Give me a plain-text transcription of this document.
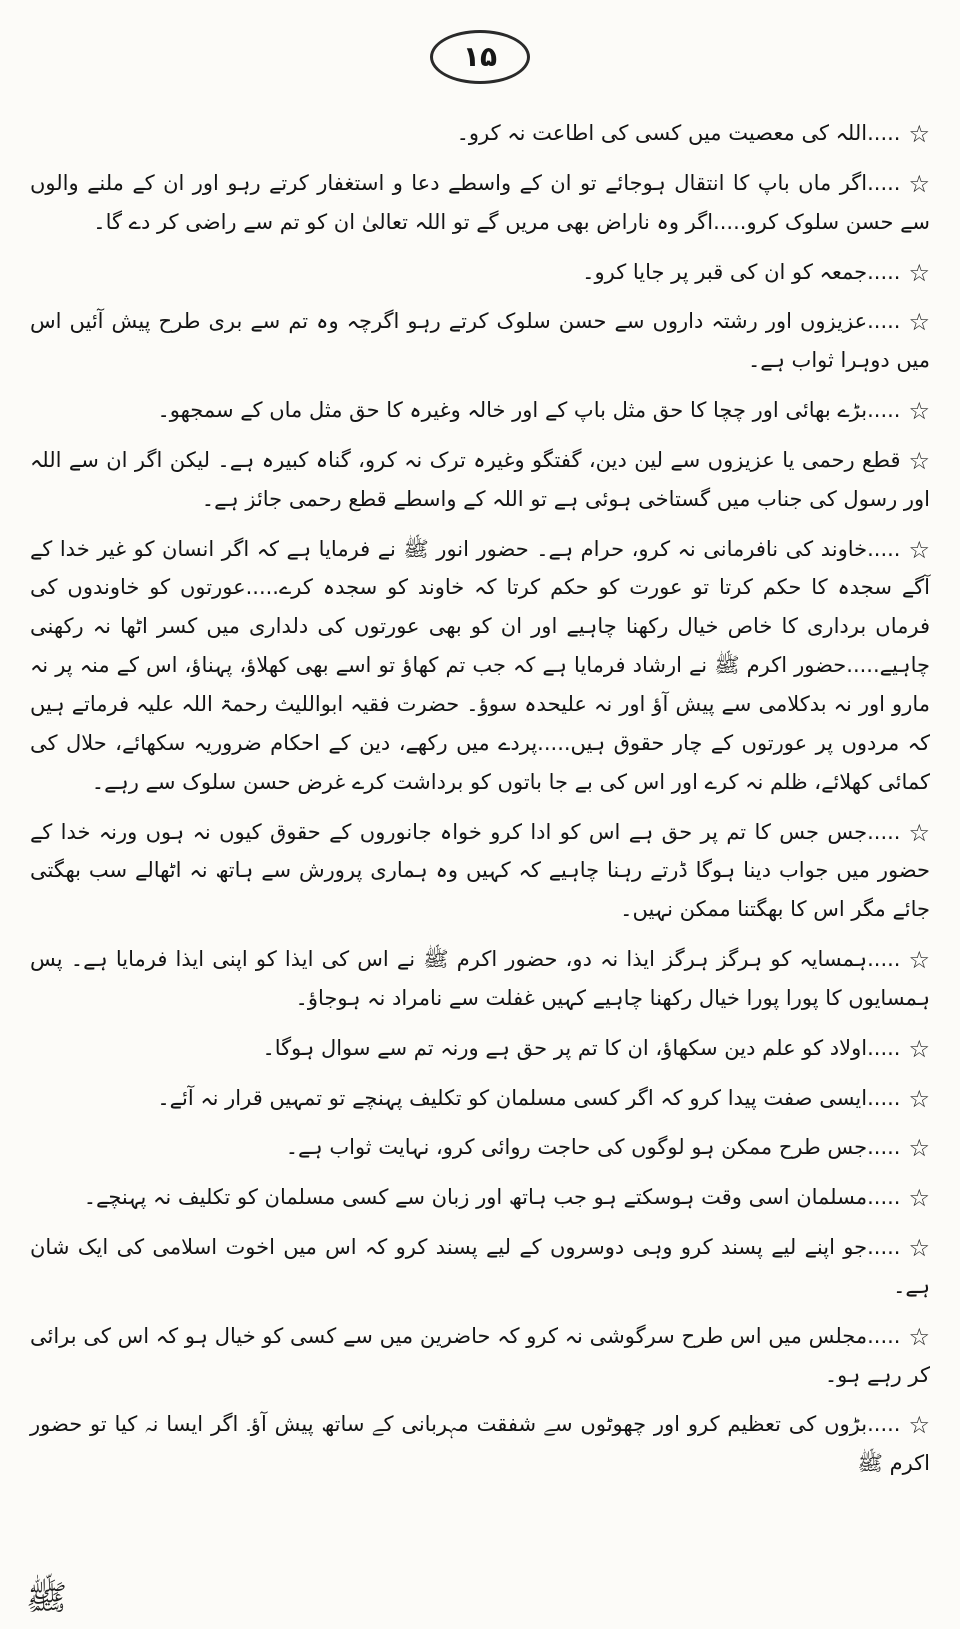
۱۵

☆.....اللہ کی معصیت میں کسی کی اطاعت نہ کرو۔

☆.....اگر ماں باپ کا انتقال ہوجائے تو ان کے واسطے دعا و استغفار کرتے رہو اور ان کے ملنے والوں سے حسن سلوک کرو.....اگر وہ ناراض بھی مریں گے تو اللہ تعالیٰ ان کو تم سے راضی کر دے گا۔

☆.....جمعہ کو ان کی قبر پر جایا کرو۔

☆.....عزیزوں اور رشتہ داروں سے حسن سلوک کرتے رہو اگرچہ وہ تم سے بری طرح پیش آئیں اس میں دوہرا ثواب ہے۔

☆.....بڑے بھائی اور چچا کا حق مثل باپ کے اور خالہ وغیرہ کا حق مثل ماں کے سمجھو۔

☆قطع رحمی یا عزیزوں سے لین دین، گفتگو وغیرہ ترک نہ کرو، گناہ کبیرہ ہے۔ لیکن اگر ان سے اللہ اور رسول کی جناب میں گستاخی ہوئی ہے تو اللہ کے واسطے قطع رحمی جائز ہے۔

☆.....خاوند کی نافرمانی نہ کرو، حرام ہے۔ حضور انور ﷺ نے فرمایا ہے کہ اگر انسان کو غیر خدا کے آگے سجدہ کا حکم کرتا تو عورت کو حکم کرتا کہ خاوند کو سجدہ کرے.....عورتوں کو خاوندوں کی فرماں برداری کا خاص خیال رکھنا چاہیے اور ان کو بھی عورتوں کی دلداری میں کسر اٹھا نہ رکھنی چاہیے.....حضور اکرم ﷺ نے ارشاد فرمایا ہے کہ جب تم کھاؤ تو اسے بھی کھلاؤ، پہناؤ، اس کے منہ پر نہ مارو اور نہ بدکلامی سے پیش آؤ اور نہ علیحدہ سوؤ۔ حضرت فقیہ ابواللیث رحمۃ اللہ علیہ فرماتے ہیں کہ مردوں پر عورتوں کے چار حقوق ہیں.....پردے میں رکھے، دین کے احکام ضروریہ سکھائے، حلال کی کمائی کھلائے، ظلم نہ کرے اور اس کی بے جا باتوں کو برداشت کرے غرض حسن سلوک سے رہے۔

☆.....جس جس کا تم پر حق ہے اس کو ادا کرو خواہ جانوروں کے حقوق کیوں نہ ہوں ورنہ خدا کے حضور میں جواب دینا ہوگا ڈرتے رہنا چاہیے کہ کہیں وہ ہماری پرورش سے ہاتھ نہ اٹھالے سب بھگتی جائے مگر اس کا بھگتنا ممکن نہیں۔

☆.....ہمسایہ کو ہرگز ہرگز ایذا نہ دو، حضور اکرم ﷺ نے اس کی ایذا کو اپنی ایذا فرمایا ہے۔ پس ہمسایوں کا پورا پورا خیال رکھنا چاہیے کہیں غفلت سے نامراد نہ ہوجاؤ۔

☆.....اولاد کو علم دین سکھاؤ، ان کا تم پر حق ہے ورنہ تم سے سوال ہوگا۔

☆.....ایسی صفت پیدا کرو کہ اگر کسی مسلمان کو تکلیف پہنچے تو تمہیں قرار نہ آئے۔

☆.....جس طرح ممکن ہو لوگوں کی حاجت روائی کرو، نہایت ثواب ہے۔

☆.....مسلمان اسی وقت ہوسکتے ہو جب ہاتھ اور زبان سے کسی مسلمان کو تکلیف نہ پہنچے۔

☆.....جو اپنے لیے پسند کرو وہی دوسروں کے لیے پسند کرو کہ اس میں اخوت اسلامی کی ایک شان ہے۔

☆.....مجلس میں اس طرح سرگوشی نہ کرو کہ حاضرین میں سے کسی کو خیال ہو کہ اس کی برائی کر رہے ہو۔

☆.....بڑوں کی تعظیم کرو اور چھوٹوں سے شفقت مہربانی کے ساتھ پیش آؤ۔ اگر ایسا نہ کیا تو حضور اکرم ﷺ

ﷺ
